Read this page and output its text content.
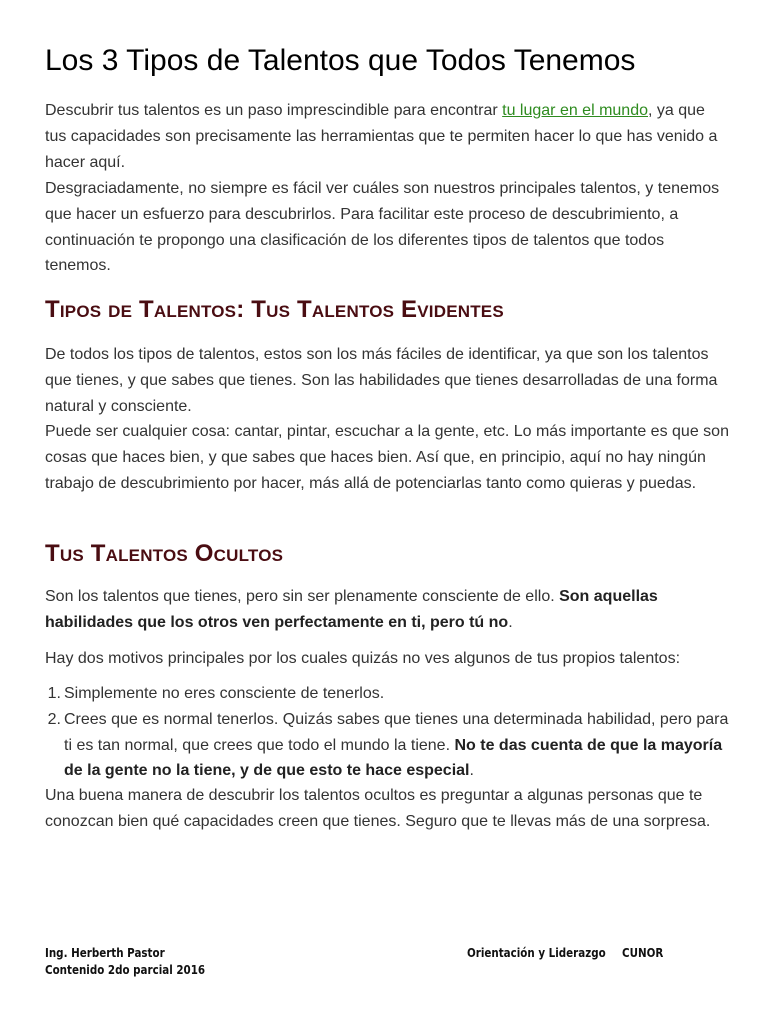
Los 3 Tipos de Talentos que Todos Tenemos

Descubrir tus talentos es un paso imprescindible para encontrar tu lugar en el mundo, ya que tus capacidades son precisamente las herramientas que te permiten hacer lo que has venido a hacer aquí.

Desgraciadamente, no siempre es fácil ver cuáles son nuestros principales talentos, y tenemos que hacer un esfuerzo para descubrirlos. Para facilitar este proceso de descubrimiento, a continuación te propongo una clasificación de los diferentes tipos de talentos que todos tenemos.

Tipos de Talentos: Tus Talentos Evidentes

De todos los tipos de talentos, estos son los más fáciles de identificar, ya que son los talentos que tienes, y que sabes que tienes. Son las habilidades que tienes desarrolladas de una forma natural y consciente.

Puede ser cualquier cosa: cantar, pintar, escuchar a la gente, etc. Lo más importante es que son cosas que haces bien, y que sabes que haces bien. Así que, en principio, aquí no hay ningún trabajo de descubrimiento por hacer, más allá de potenciarlas tanto como quieras y puedas.

Tus Talentos Ocultos

Son los talentos que tienes, pero sin ser plenamente consciente de ello. Son aquellas habilidades que los otros ven perfectamente en ti, pero tú no.

Hay dos motivos principales por los cuales quizás no ves algunos de tus propios talentos:

1. Simplemente no eres consciente de tenerlos.
2. Crees que es normal tenerlos. Quizás sabes que tienes una determinada habilidad, pero para ti es tan normal, que crees que todo el mundo la tiene. No te das cuenta de que la mayoría de la gente no la tiene, y de que esto te hace especial.

Una buena manera de descubrir los talentos ocultos es preguntar a algunas personas que te conozcan bien qué capacidades creen que tienes. Seguro que te llevas más de una sorpresa.

Ing. Herberth Pastor
Contenido 2do parcial 2016
Orientación y Liderazgo CUNOR
